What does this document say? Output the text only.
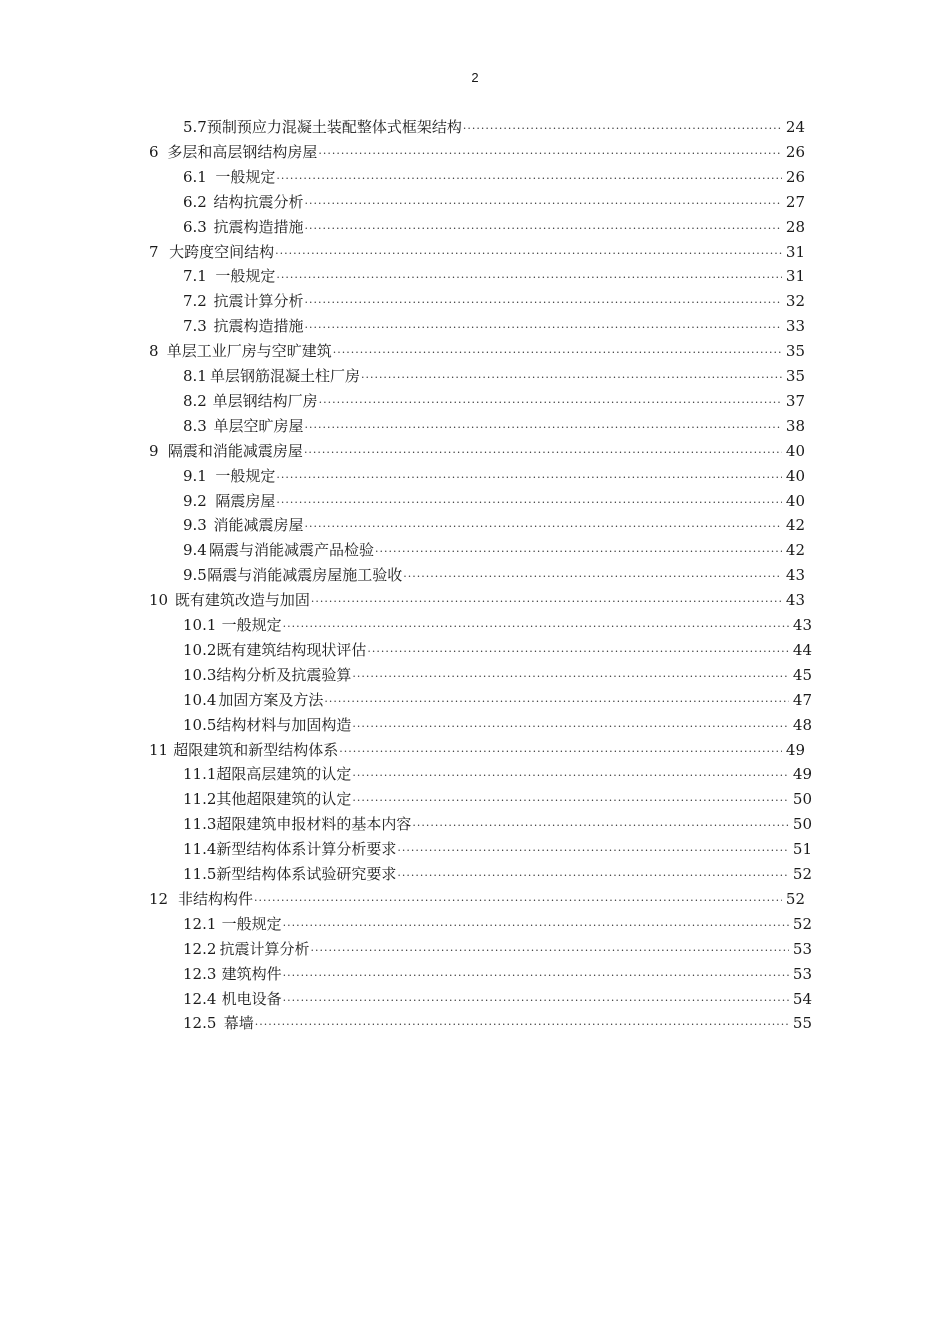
2
5.7 预制预应力混凝土装配整体式框架结构 ·····	24
6 多层和高层钢结构房屋 ·····	26
6.1 一般规定 ·····	26
6.2 结构抗震分析 ·····	27
6.3 抗震构造措施 ·····	28
7 大跨度空间结构 ·····	31
7.1 一般规定 ·····	31
7.2 抗震计算分析 ·····	32
7.3 抗震构造措施 ·····	33
8 单层工业厂房与空旷建筑 ·····	35
8.1 单层钢筋混凝土柱厂房 ·····	35
8.2 单层钢结构厂房 ·····	37
8.3 单层空旷房屋 ·····	38
9 隔震和消能减震房屋 ·····	40
9.1 一般规定 ·····	40
9.2 隔震房屋 ·····	40
9.3 消能减震房屋 ·····	42
9.4 隔震与消能减震产品检验 ·····	42
9.5 隔震与消能减震房屋施工验收 ·····	43
10 既有建筑改造与加固 ·····	43
10.1 一般规定 ·····	43
10.2 既有建筑结构现状评估 ·····	44
10.3 结构分析及抗震验算 ·····	45
10.4 加固方案及方法 ·····	47
10.5 结构材料与加固构造 ·····	48
11 超限建筑和新型结构体系 ·····	49
11.1 超限高层建筑的认定 ·····	49
11.2 其他超限建筑的认定 ·····	50
11.3 超限建筑申报材料的基本内容 ·····	50
11.4 新型结构体系计算分析要求 ·····	51
11.5 新型结构体系试验研究要求 ·····	52
12 非结构构件 ·····	52
12.1 一般规定 ·····	52
12.2 抗震计算分析 ·····	53
12.3 建筑构件 ·····	53
12.4 机电设备 ·····	54
12.5 幕墙 ·····	55
